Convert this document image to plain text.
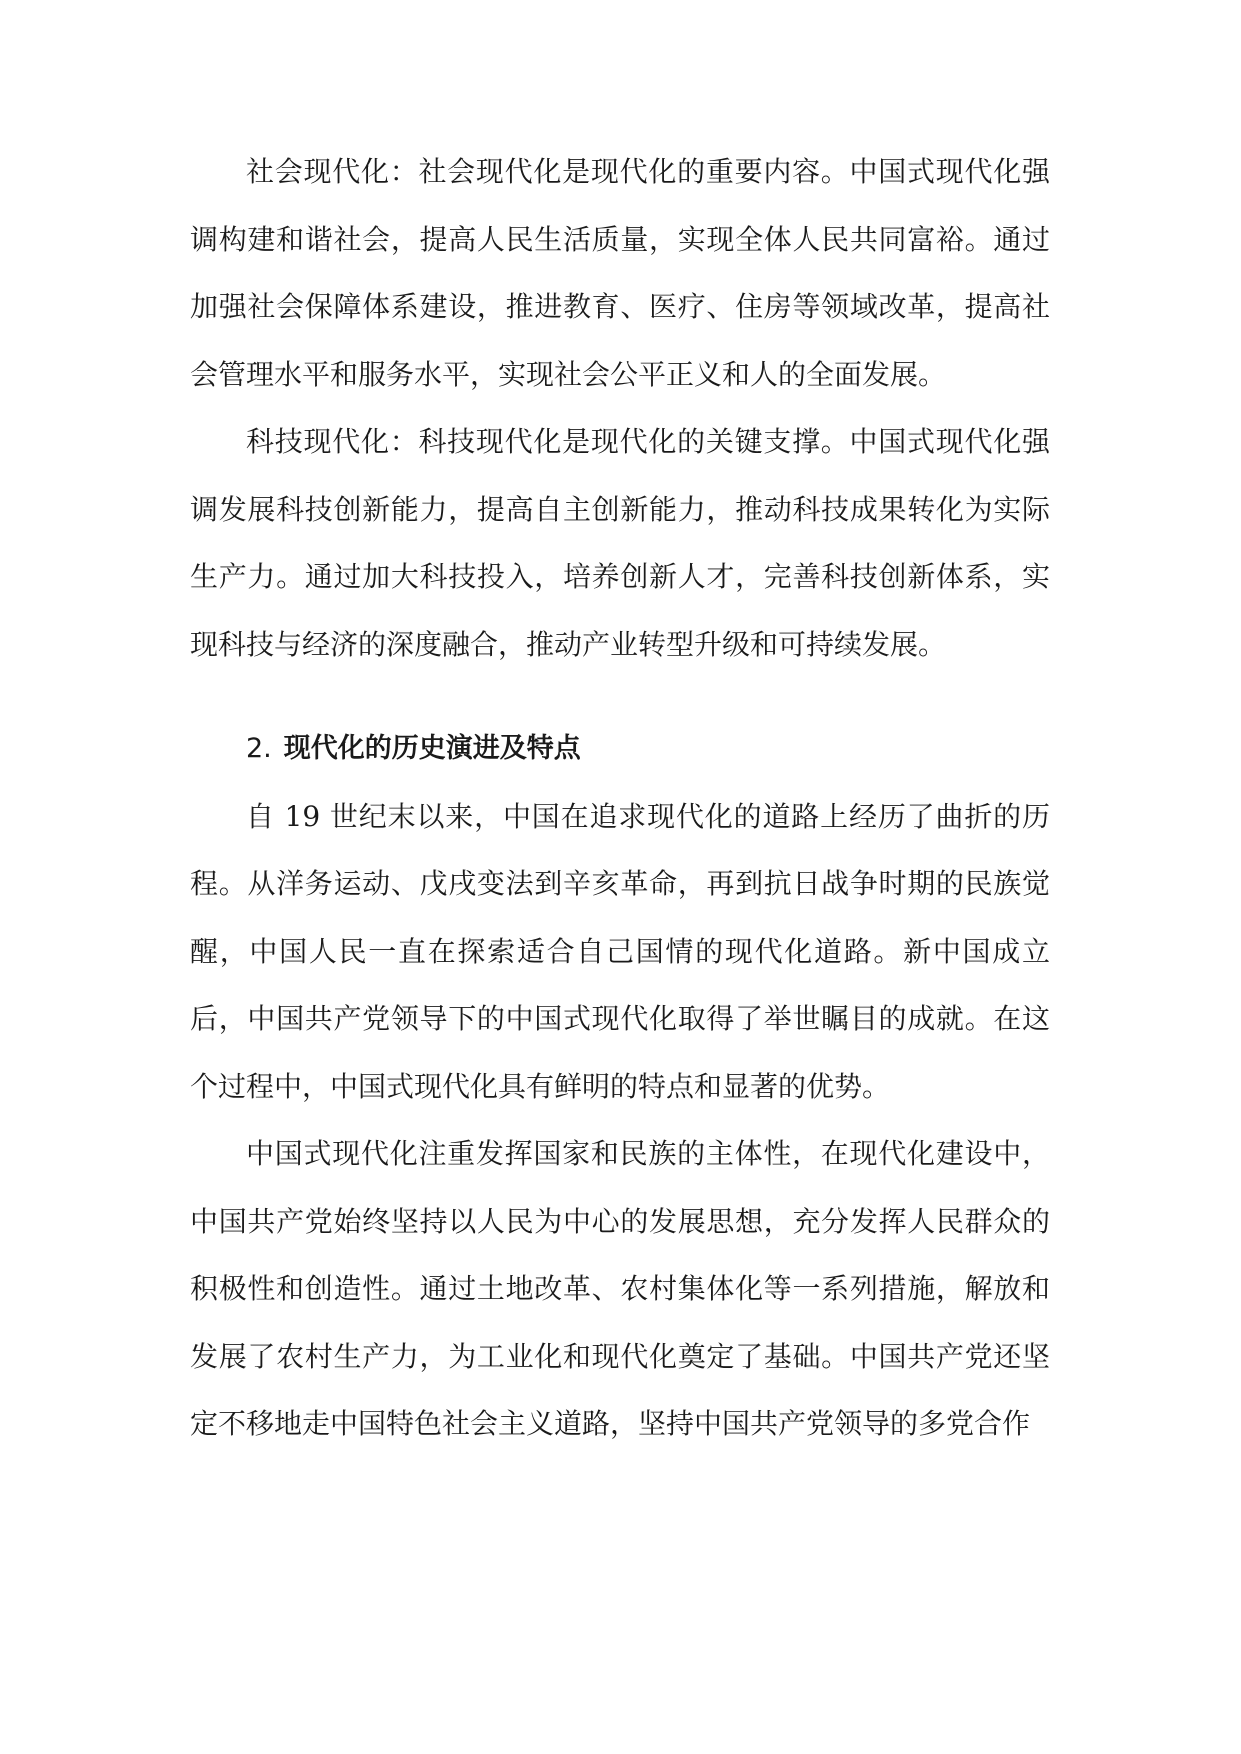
社会现代化：社会现代化是现代化的重要内容。中国式现代化强调构建和谐社会，提高人民生活质量，实现全体人民共同富裕。通过加强社会保障体系建设，推进教育、医疗、住房等领域改革，提高社会管理水平和服务水平，实现社会公平正义和人的全面发展。

科技现代化：科技现代化是现代化的关键支撑。中国式现代化强调发展科技创新能力，提高自主创新能力，推动科技成果转化为实际生产力。通过加大科技投入，培养创新人才，完善科技创新体系，实现科技与经济的深度融合，推动产业转型升级和可持续发展。

2. 现代化的历史演进及特点

自 19 世纪末以来，中国在追求现代化的道路上经历了曲折的历程。从洋务运动、戊戌变法到辛亥革命，再到抗日战争时期的民族觉醒，中国人民一直在探索适合自己国情的现代化道路。新中国成立后，中国共产党领导下的中国式现代化取得了举世瞩目的成就。在这个过程中，中国式现代化具有鲜明的特点和显著的优势。

中国式现代化注重发挥国家和民族的主体性，在现代化建设中，中国共产党始终坚持以人民为中心的发展思想，充分发挥人民群众的积极性和创造性。通过土地改革、农村集体化等一系列措施，解放和发展了农村生产力，为工业化和现代化奠定了基础。中国共产党还坚定不移地走中国特色社会主义道路，坚持中国共产党领导的多党合作
